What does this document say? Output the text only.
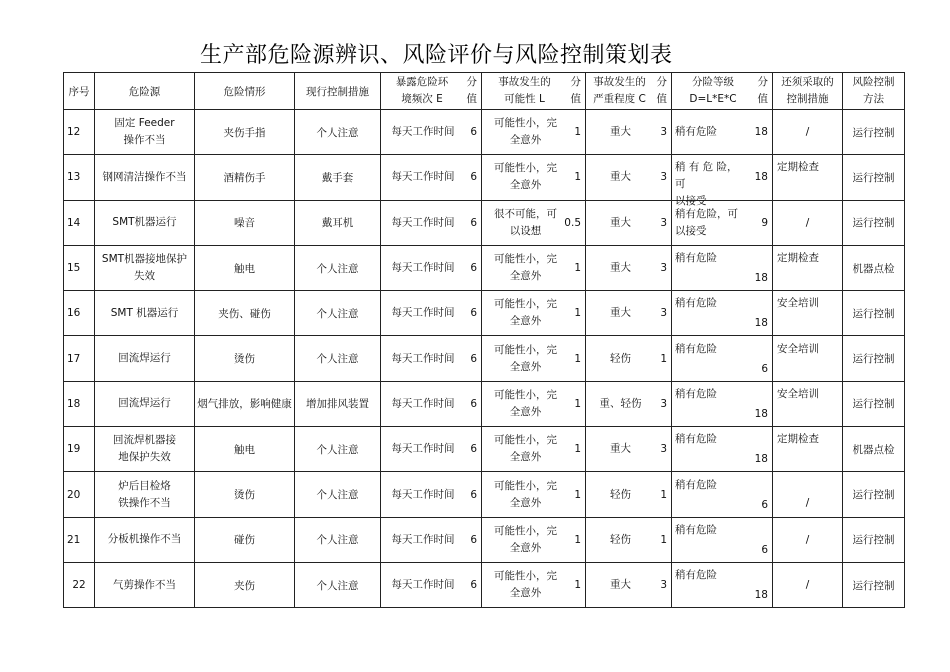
生产部危险源辨识、风险评价与风险控制策划表
序号	危险源	危险情形	现行控制措施	暴露危险环
境频次 E
分
值	事故发生的
可能性 L
分
值	事故发生的
严重程度 C
分
值	分险等级
D=L*E*C
分
值	还须采取的
控制措施	风险控制
方法

12	固定 Feeder
操作不当	夹伤手指	个人注意	每天工作时间 6	可能性小，完
全意外
1	重大 3	稍有危险 18	/	运行控制
13	钢网清洁操作不当	酒精伤手	戴手套	每天工作时间 6	可能性小，完
全意外
1	重大 3	稍 有 危 险，可
以接受
18	定期检查	运行控制
14	SMT机器运行	噪音	戴耳机	每天工作时间 6	很不可能，可
以设想
0.5	重大 3	稍有危险，可
以接受
9	/	运行控制
15	SMT机器接地保护
失效	触电	个人注意	每天工作时间 6	可能性小，完
全意外
1	重大 3	稍有危险
18	定期检查	机器点检
16	SMT 机器运行	夹伤、碰伤	个人注意	每天工作时间 6	可能性小，完
全意外
1	重大 3	稍有危险
18	安全培训	运行控制
17	回流焊运行	烫伤	个人注意	每天工作时间 6	可能性小，完
全意外
1	轻伤 1	稍有危险
6	安全培训	运行控制
18	回流焊运行	烟气排放，影响健康	增加排风装置	每天工作时间 6	可能性小，完
全意外
1	重、轻伤 3	稍有危险
18	安全培训	运行控制
19	回流焊机器接
地保护失效	触电	个人注意	每天工作时间 6	可能性小，完
全意外
1	重大 3	稍有危险
18	定期检查	机器点检
20	炉后目检烙
铁操作不当	烫伤	个人注意	每天工作时间 6	可能性小，完
全意外
1	轻伤 1	稍有危险
6	/	运行控制
21	分板机操作不当	碰伤	个人注意	每天工作时间 6	可能性小，完
全意外
1	轻伤 1	稍有危险
6	/	运行控制
22	气剪操作不当	夹伤	个人注意	每天工作时间 6	可能性小，完
全意外
1	重大 3	稍有危险
18	/	运行控制
